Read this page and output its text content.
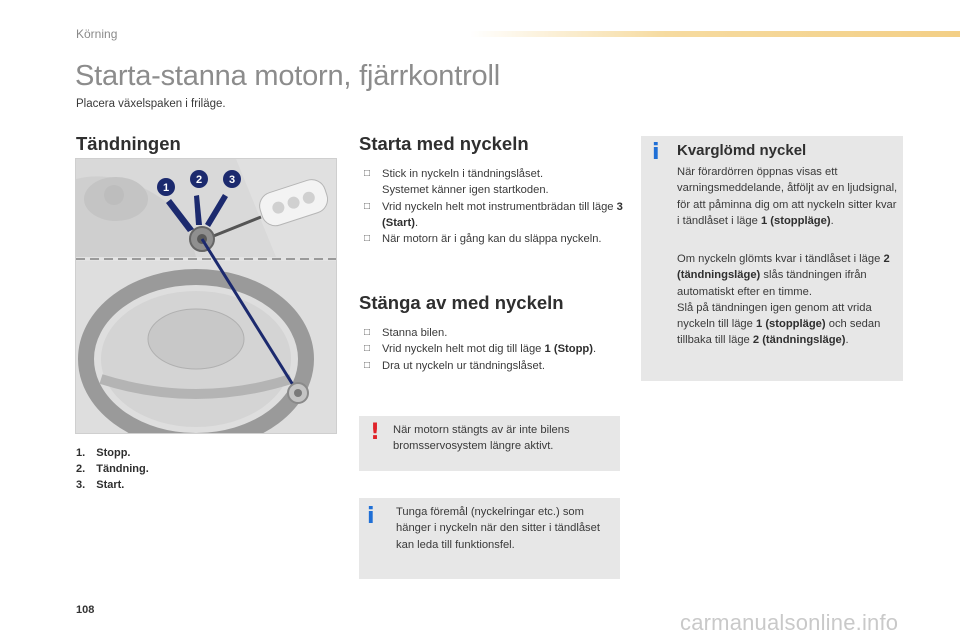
Körning
Starta-stanna motorn, fjärrkontroll
Placera växelspaken i friläge.
Tändningen
1
2 3
1. Stopp.
2. Tändning.
3. Start.
Starta med nyckeln
□ Stick in nyckeln i tändningslåset.
Systemet känner igen startkoden.
□ Vrid nyckeln helt mot instrumentbrädan till läge 3 (Start).
□ När motorn är i gång kan du släppa nyckeln.
Stänga av med nyckeln
□ Stanna bilen.
□ Vrid nyckeln helt mot dig till läge 1 (Stopp).
□ Dra ut nyckeln ur tändningslåset.
! När motorn stängts av är inte bilens bromsservosystem längre aktivt.
i Tunga föremål (nyckelringar etc.) som hänger i nyckeln när den sitter i tändlåset kan leda till funktionsfel.
i Kvarglömd nyckel
När förardörren öppnas visas ett varningsmeddelande, åtföljt av en ljudsignal, för att påminna dig om att nyckeln sitter kvar i tändlåset i läge 1 (stoppläge).
Om nyckeln glömts kvar i tändlåset i läge 2 (tändningsläge) slås tändningen ifrån automatiskt efter en timme.
Slå på tändningen igen genom att vrida nyckeln till läge 1 (stoppläge) och sedan tillbaka till läge 2 (tändningsläge).
108	carmanualsonline.info
